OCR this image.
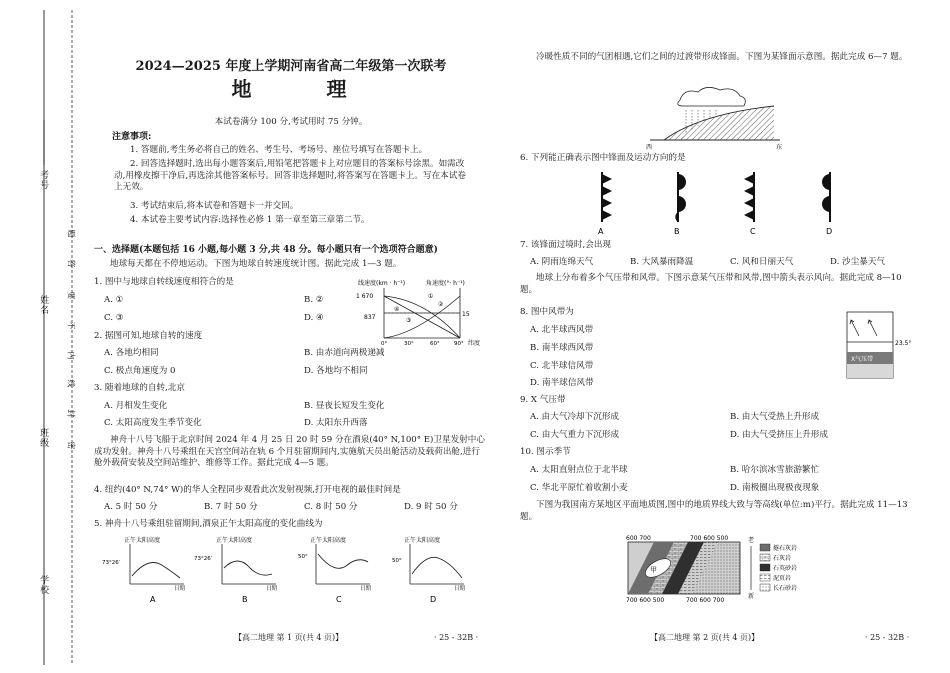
考号
姓名
班级
学校
题
答
要
不
内
线
封
密
2024—2025 年度上学期河南省高二年级第一次联考
地 理
本试卷满分 100 分,考试用时 75 分钟。
注意事项:
1. 答题前,考生务必将自己的姓名、考生号、考场号、座位号填写在答题卡上。
2. 回答选择题时,选出每小题答案后,用铅笔把答题卡上对应题目的答案标号涂黑。如需改动,用橡皮擦干净后,再选涂其他答案标号。回答非选择题时,将答案写在答题卡上。写在本试卷上无效。
3. 考试结束后,将本试卷和答题卡一并交回。
4. 本试卷主要考试内容:选择性必修 1 第一章至第三章第二节。
一、选择题(本题包括 16 小题,每小题 3 分,共 48 分。每小题只有一个选项符合题意)
地球每天都在不停地运动。下图为地球自转速度统计图。据此完成 1—3 题。
1. 图中与地球自转线速度相符合的是
A. ①	B. ②
C. ③	D. ④
线速度(km · h⁻¹)	角速度(°· h⁻¹)
1 670
837	15
①
②
③
④
0°	30°	60°	90° 纬度
2. 据图可知,地球自转的速度
A. 各地均相同	B. 由赤道向两极递减
C. 极点角速度为 0	D. 各地均不相同
3. 随着地球的自转,北京
A. 月相发生变化	B. 昼夜长短发生变化
C. 太阳高度发生季节变化	D. 太阳东升西落
神舟十八号飞船于北京时间 2024 年 4 月 25 日 20 时 59 分在酒泉(40° N,100° E)卫星发射中心成功发射。神舟十八号乘组在天宫空间站在轨 6 个月驻留期间内,实施航天员出舱活动及载荷出舱,进行舱外载荷安装及空间站维护、维修等工作。据此完成 4—5 题。
4. 纽约(40° N,74° W)的华人全程同步观看此次发射视频,打开电视的最佳时间是
A. 5 时 50 分	B. 7 时 50 分	C. 8 时 50 分	D. 9 时 50 分
5. 神舟十八号乘组驻留期间,酒泉正午太阳高度的变化曲线为
正午太阳高度
73°26′
日期
A
正午太阳高度
73°26′
日期
B
正午太阳高度
50°
日期
C
正午太阳高度
50°
日期
D
【高二地理 第 1 页(共 4 页)】	· 25 - 32B ·
冷暖性质不同的气团相遇,它们之间的过渡带形成锋面。下图为某锋面示意图。据此完成 6—7 题。
西	东
6. 下列能正确表示图中锋面及运动方向的是
A	B	C	D
7. 该锋面过境时,会出现
A. 阴雨连绵天气	B. 大风暴雨降温	C. 风和日丽天气	D. 沙尘暴天气
地球上分布着多个气压带和风带。下图示意某气压带和风带,图中箭头表示风向。据此完成 8—10 题。
8. 图中风带为
A. 北半球西风带
B. 南半球西风带
C. 北半球信风带
D. 南半球信风带
23.5°
X气压带
9. X 气压带
A. 由大气冷却下沉形成	B. 由大气受热上升形成
C. 由大气重力下沉形成	D. 由大气受挤压上升形成
10. 图示季节
A. 太阳直射点位于北半球	B. 哈尔滨冰雪旅游繁忙
C. 华北平原忙着收割小麦	D. 南极圈出现极夜现象
下图为我国南方某地区平面地质图,图中的地质界线大致与等高线(单位:m)平行。据此完成 11—13 题。
600 700	700 600 500
甲
700 600 500	700 600 700
老
新
燧石灰岩
石灰岩
石英砂岩
泥页岩
长石砂岩
【高二地理 第 2 页(共 4 页)】	· 25 - 32B ·
